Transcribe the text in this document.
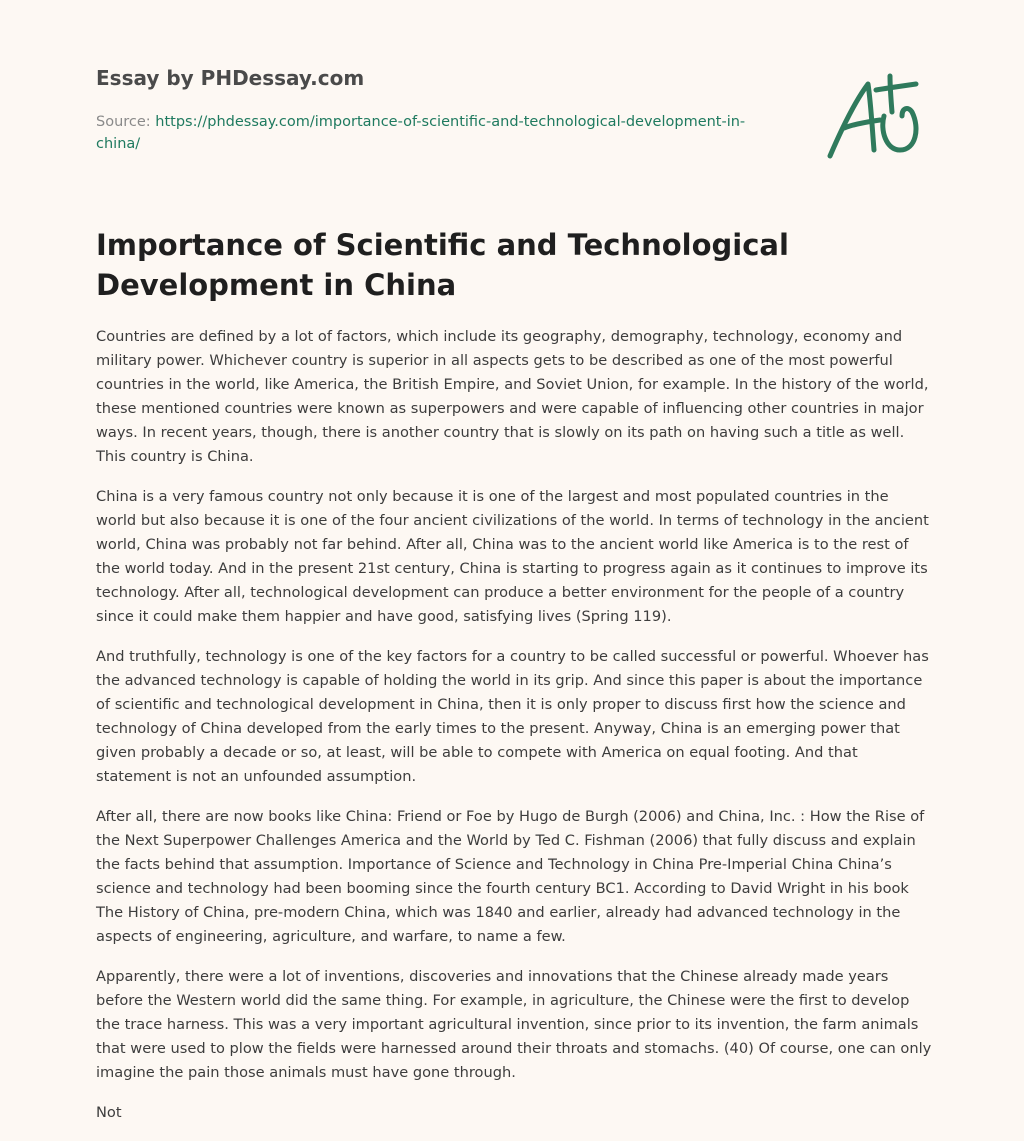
Essay by PHDessay.com
Source: https://phdessay.com/importance-of-scientific-and-technological-development-in-china/
Importance of Scientific and Technological Development in China

Countries are defined by a lot of factors, which include its geography, demography, technology, economy and military power. Whichever country is superior in all aspects gets to be described as one of the most powerful countries in the world, like America, the British Empire, and Soviet Union, for example. In the history of the world, these mentioned countries were known as superpowers and were capable of influencing other countries in major ways. In recent years, though, there is another country that is slowly on its path on having such a title as well. This country is China.

China is a very famous country not only because it is one of the largest and most populated countries in the world but also because it is one of the four ancient civilizations of the world. In terms of technology in the ancient world, China was probably not far behind. After all, China was to the ancient world like America is to the rest of the world today. And in the present 21st century, China is starting to progress again as it continues to improve its technology. After all, technological development can produce a better environment for the people of a country since it could make them happier and have good, satisfying lives (Spring 119).

And truthfully, technology is one of the key factors for a country to be called successful or powerful. Whoever has the advanced technology is capable of holding the world in its grip. And since this paper is about the importance of scientific and technological development in China, then it is only proper to discuss first how the science and technology of China developed from the early times to the present. Anyway, China is an emerging power that given probably a decade or so, at least, will be able to compete with America on equal footing. And that statement is not an unfounded assumption.

After all, there are now books like China: Friend or Foe by Hugo de Burgh (2006) and China, Inc. : How the Rise of the Next Superpower Challenges America and the World by Ted C. Fishman (2006) that fully discuss and explain the facts behind that assumption. Importance of Science and Technology in China Pre-Imperial China China’s science and technology had been booming since the fourth century BC1. According to David Wright in his book The History of China, pre-modern China, which was 1840 and earlier, already had advanced technology in the aspects of engineering, agriculture, and warfare, to name a few.

Apparently, there were a lot of inventions, discoveries and innovations that the Chinese already made years before the Western world did the same thing. For example, in agriculture, the Chinese were the first to develop the trace harness. This was a very important agricultural invention, since prior to its invention, the farm animals that were used to plow the fields were harnessed around their throats and stomachs. (40) Of course, one can only imagine the pain those animals must have gone through.

Not
